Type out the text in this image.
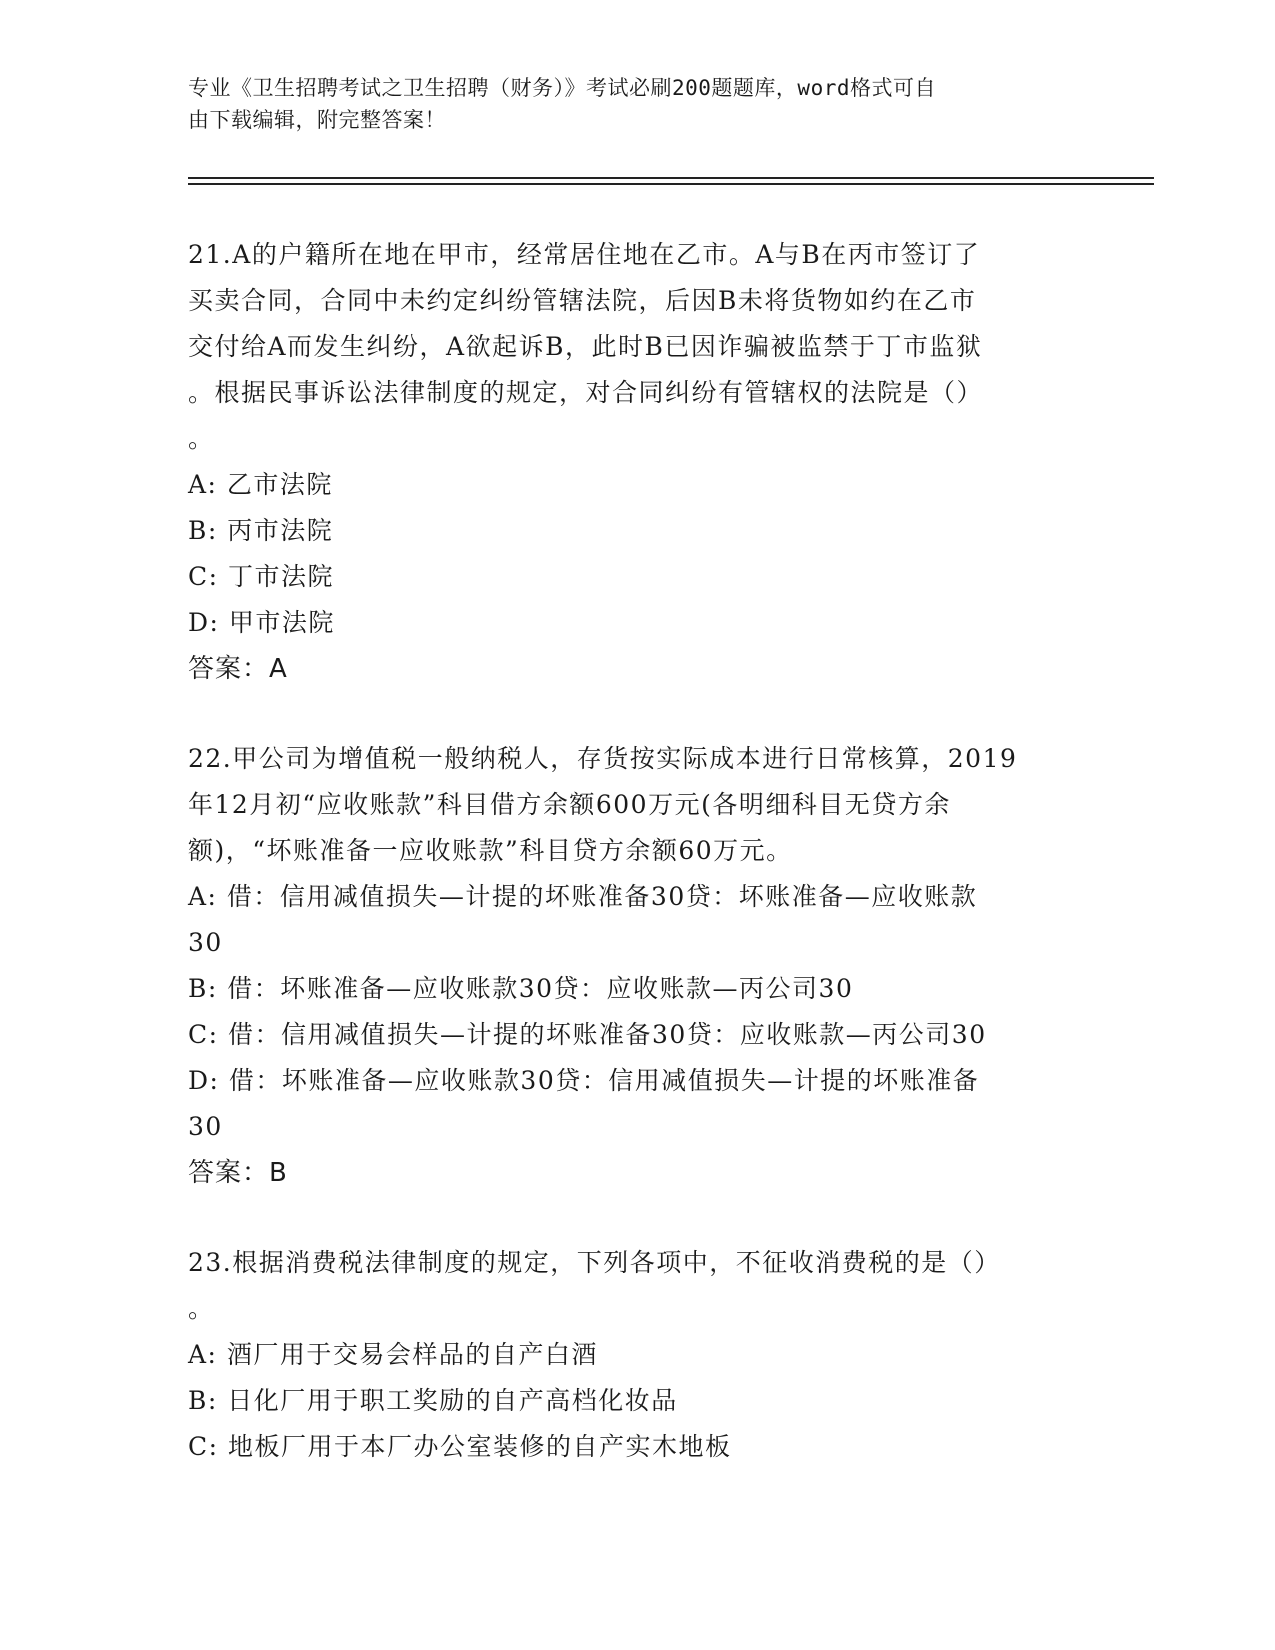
专业《卫生招聘考试之卫生招聘（财务）》考试必刷200题题库，word格式可自
由下载编辑，附完整答案！
21.A的户籍所在地在甲市，经常居住地在乙市。A与B在丙市签订了
买卖合同，合同中未约定纠纷管辖法院，后因B未将货物如约在乙市
交付给A而发生纠纷，A欲起诉B，此时B已因诈骗被监禁于丁市监狱
。根据民事诉讼法律制度的规定，对合同纠纷有管辖权的法院是（）
。
A: 乙市法院
B: 丙市法院
C: 丁市法院
D: 甲市法院
答案：A
22.甲公司为增值税一般纳税人，存货按实际成本进行日常核算，2019
年12月初“应收账款”科目借方余额600万元(各明细科目无贷方余
额)，“坏账准备一应收账款”科目贷方余额60万元。
A: 借：信用减值损失—计提的坏账准备30贷：坏账准备—应收账款
30
B: 借：坏账准备—应收账款30贷：应收账款—丙公司30
C: 借：信用减值损失—计提的坏账准备30贷：应收账款—丙公司30
D: 借：坏账准备—应收账款30贷：信用减值损失—计提的坏账准备
30
答案：B
23.根据消费税法律制度的规定，下列各项中，不征收消费税的是（）
。
A: 酒厂用于交易会样品的自产白酒
B: 日化厂用于职工奖励的自产高档化妆品
C: 地板厂用于本厂办公室装修的自产实木地板
